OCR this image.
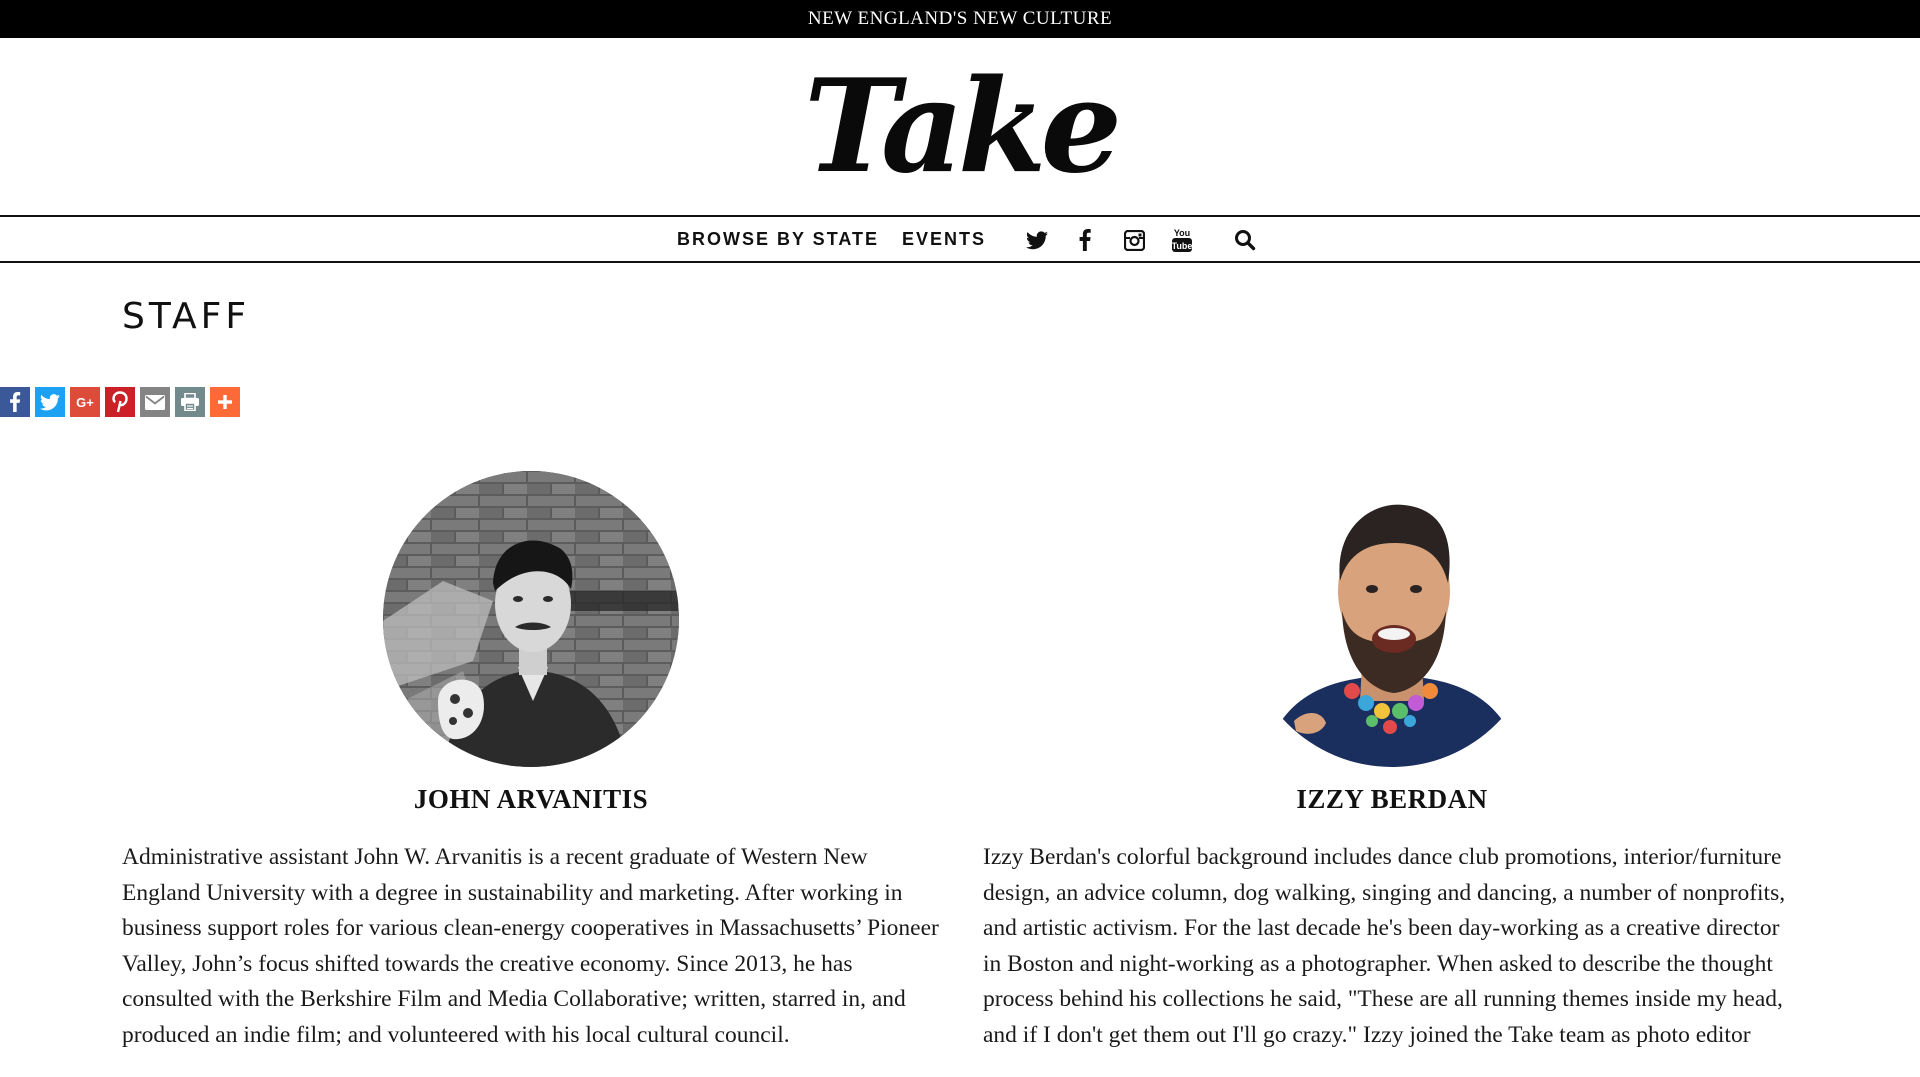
NEW ENGLAND'S NEW CULTURE
Take
BROWSE BY STATE EVENTS	You
Tube
STAFF
G+
JOHN ARVANITIS

Administrative assistant John W. Arvanitis is a recent graduate of Western New England University with a degree in sustainability and marketing. After working in business support roles for various clean-energy cooperatives in Massachusetts’ Pioneer Valley, John’s focus shifted towards the creative economy. Since 2013, he has consulted with the Berkshire Film and Media Collaborative; written, starred in, and produced an indie film; and volunteered with his local cultural council.

IZZY BERDAN

Izzy Berdan's colorful background includes dance club promotions, interior/furniture design, an advice column, dog walking, singing and dancing, a number of nonprofits, and artistic activism. For the last decade he's been day-working as a creative director in Boston and night-working as a photographer. When asked to describe the thought process behind his collections he said, "These are all running themes inside my head, and if I don't get them out I'll go crazy." Izzy joined the Take team as photo editor
